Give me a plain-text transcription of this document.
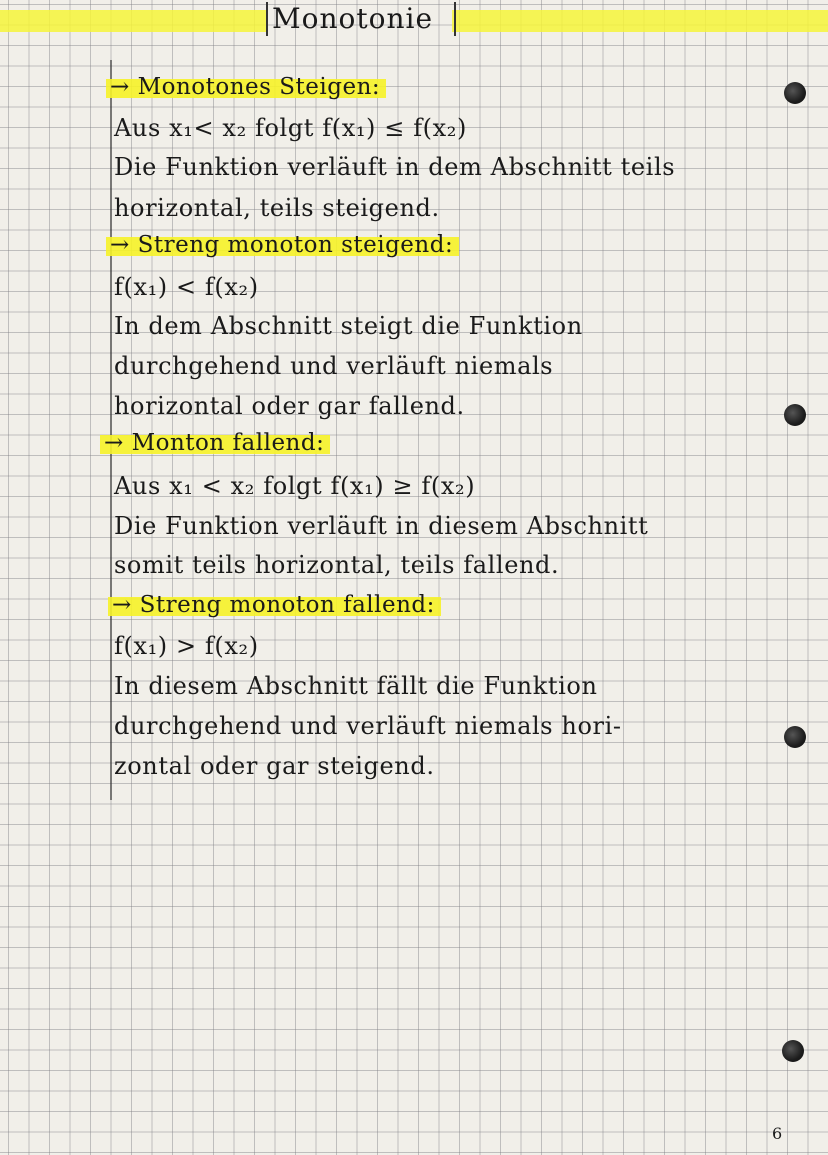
Monotonie
→ Monotones Steigen:
Aus x₁< x₂ folgt f(x₁) ≤ f(x₂)
Die Funktion verläuft in dem Abschnitt teils
horizontal, teils steigend.
→ Streng monoton steigend:
f(x₁) < f(x₂)
In dem Abschnitt steigt die Funktion
durchgehend und verläuft niemals
horizontal oder gar fallend.
→ Monton fallend:
Aus x₁ < x₂ folgt f(x₁) ≥ f(x₂)
Die Funktion verläuft in diesem Abschnitt
somit teils horizontal, teils fallend.
→ Streng monoton fallend:
f(x₁) > f(x₂)
In diesem Abschnitt fällt die Funktion
durchgehend und verläuft niemals hori-
zontal oder gar steigend.
6
